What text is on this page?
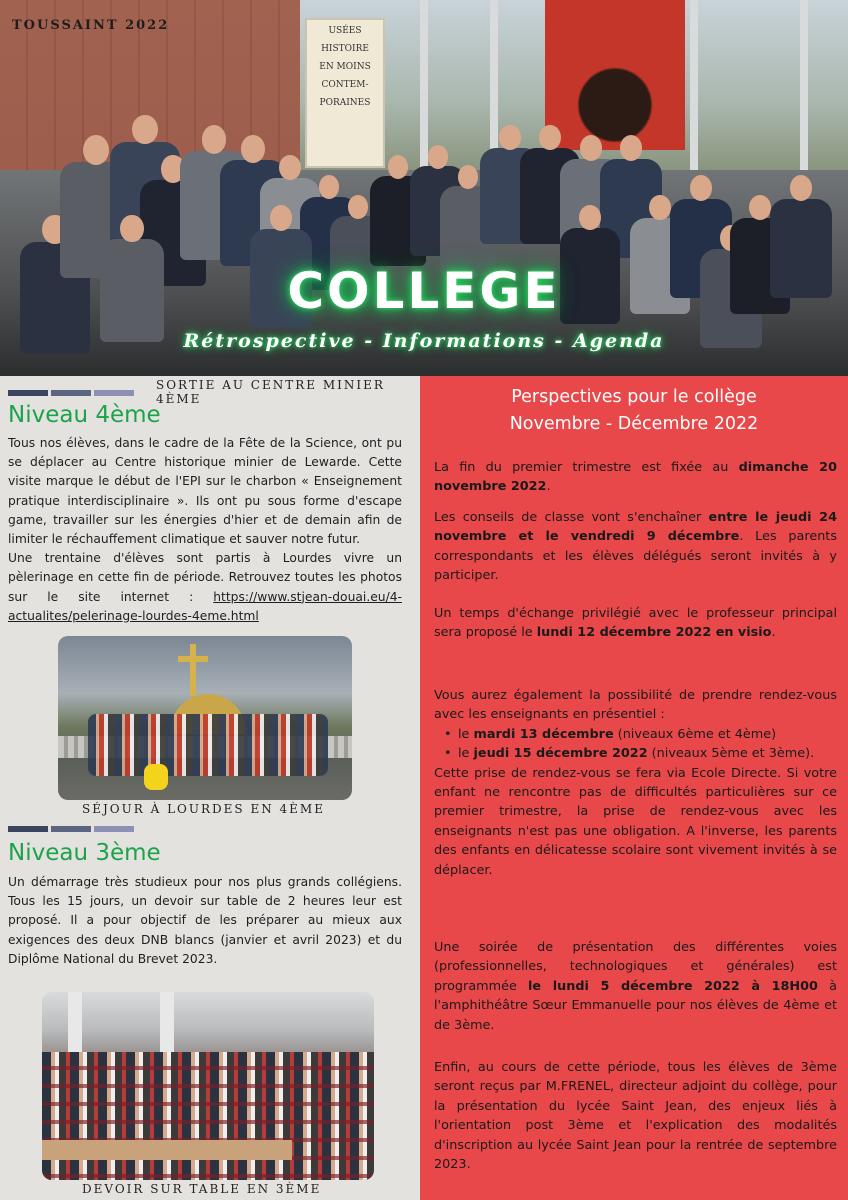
USÉES
HISTOIRE
EN MOINS
CONTEM-
PORAINES
TOUSSAINT 2022
COLLEGE
Rétrospective - Informations - Agenda
SORTIE AU CENTRE MINIER 4ÈME
Niveau 4ème

Tous nos élèves, dans le cadre de la Fête de la Science, ont pu se déplacer au Centre historique minier de Lewarde. Cette visite marque le début de l'EPI sur le charbon « Enseignement pratique interdisciplinaire ». Ils ont pu sous forme d'escape game, travailler sur les énergies d'hier et de demain afin de limiter le réchauffement climatique et sauver notre futur.

Une trentaine d'élèves sont partis à Lourdes vivre un pèlerinage en cette fin de période. Retrouvez toutes les photos sur le site internet : https://www.stjean-douai.eu/4-actualites/pelerinage-lourdes-4eme.html

SÉJOUR À LOURDES EN 4ÈME
Niveau 3ème

Un démarrage très studieux pour nos plus grands collégiens. Tous les 15 jours, un devoir sur table de 2 heures leur est proposé. Il a pour objectif de les préparer au mieux aux exigences des deux DNB blancs (janvier et avril 2023) et du Diplôme National du Brevet 2023.

DEVOIR SUR TABLE EN 3ÈME
Perspectives pour le collège
Novembre - Décembre 2022
La fin du premier trimestre est fixée au dimanche 20 novembre 2022.
Les conseils de classe vont s'enchaîner entre le jeudi 24 novembre et le vendredi 9 décembre. Les parents correspondants et les élèves délégués seront invités à y participer.
Un temps d'échange privilégié avec le professeur principal sera proposé le lundi 12 décembre 2022 en visio.
Vous aurez également la possibilité de prendre rendez-vous avec les enseignants en présentiel :
• le mardi 13 décembre (niveaux 6ème et 4ème)
• le jeudi 15 décembre 2022 (niveaux 5ème et 3ème).
Cette prise de rendez-vous se fera via Ecole Directe. Si votre enfant ne rencontre pas de difficultés particulières sur ce premier trimestre, la prise de rendez-vous avec les enseignants n'est pas une obligation. A l'inverse, les parents des enfants en délicatesse scolaire sont vivement invités à se déplacer.
Une soirée de présentation des différentes voies (professionnelles, technologiques et générales) est programmée le lundi 5 décembre 2022 à 18H00 à l'amphithéâtre Sœur Emmanuelle pour nos élèves de 4ème et de 3ème.
Enfin, au cours de cette période, tous les élèves de 3ème seront reçus par M.FRENEL, directeur adjoint du collège, pour la présentation du lycée Saint Jean, des enjeux liés à l'orientation post 3ème et l'explication des modalités d'inscription au lycée Saint Jean pour la rentrée de septembre 2023.
